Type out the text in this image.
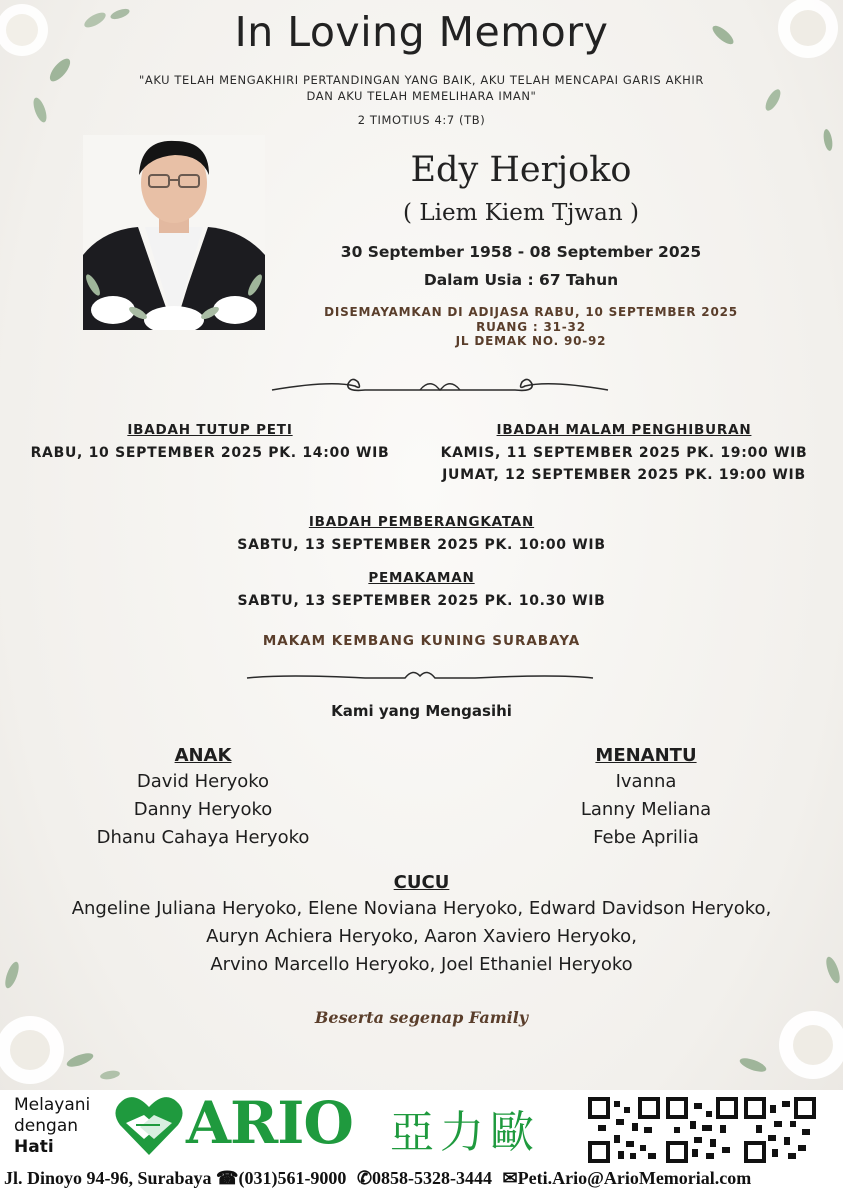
In Loving Memory
"AKU TELAH MENGAKHIRI PERTANDINGAN YANG BAIK, AKU TELAH MENCAPAI GARIS AKHIR
DAN AKU TELAH MEMELIHARA IMAN"
2 TIMOTIUS 4:7 (TB)
Edy Herjoko
( Liem Kiem Tjwan )
30 September 1958 - 08 September 2025
Dalam Usia : 67 Tahun
DISEMAYAMKAN DI ADIJASA RABU, 10 SEPTEMBER 2025
RUANG : 31-32
JL DEMAK NO. 90-92
IBADAH TUTUP PETI
RABU, 10 SEPTEMBER 2025 PK. 14:00 WIB
IBADAH MALAM PENGHIBURAN
KAMIS, 11 SEPTEMBER 2025 PK. 19:00 WIB
JUMAT, 12 SEPTEMBER 2025 PK. 19:00 WIB
IBADAH PEMBERANGKATAN
SABTU, 13 SEPTEMBER 2025 PK. 10:00 WIB
PEMAKAMAN
SABTU, 13 SEPTEMBER 2025 PK. 10.30 WIB
MAKAM KEMBANG KUNING SURABAYA
Kami yang Mengasihi
ANAK
David Heryoko
Danny Heryoko
Dhanu Cahaya Heryoko
MENANTU
Ivanna
Lanny Meliana
Febe Aprilia
CUCU
Angeline Juliana Heryoko, Elene Noviana Heryoko, Edward Davidson Heryoko,
Auryn Achiera Heryoko, Aaron Xaviero Heryoko,
Arvino Marcello Heryoko, Joel Ethaniel Heryoko
Beserta segenap Family
Melayani
dengan
Hati	ARIO 亞力歐
Jl. Dinoyo 94-96, Surabaya ☎(031)561-9000 ✆0858-5328-3444 ✉Peti.Ario@ArioMemorial.com
